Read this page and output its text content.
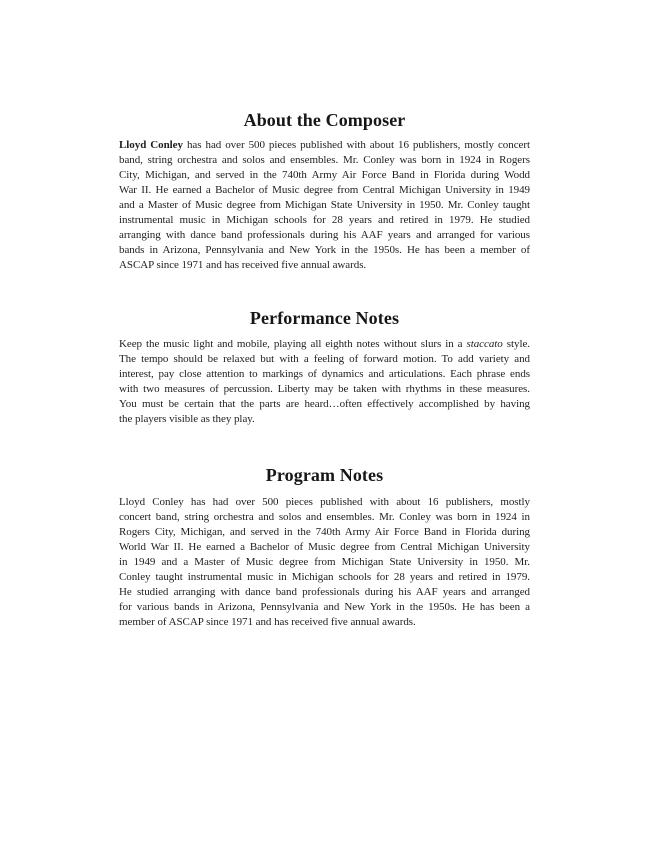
About the Composer
Lloyd Conley has had over 500 pieces published with about 16 publishers, mostly concert
band, string orchestra and solos and ensembles. Mr. Conley was born in 1924 in Rogers
City, Michigan, and served in the 740th Army Air Force Band in Florida during Wodd
War II. He earned a Bachelor of Music degree from Central Michigan University in 1949
and a Master of Music degree from Michigan State University in 1950. Mr. Conley taught
instrumental music in Michigan schools for 28 years and retired in 1979. He studied
arranging with dance band professionals during his AAF years and arranged for various
bands in Arizona, Pennsylvania and New York in the 1950s. He has been a member of
ASCAP since 1971 and has received five annual awards.
Performance Notes
Keep the music light and mobile, playing all eighth notes without slurs in a staccato style.
The tempo should be relaxed but with a feeling of forward motion. To add variety and
interest, pay close attention to markings of dynamics and articulations. Each phrase ends
with two measures of percussion. Liberty may be taken with rhythms in these measures.
You must be certain that the parts are heard…often effectively accomplished by having
the players visible as they play.
Program Notes
Lloyd Conley has had over 500 pieces published with about 16 publishers, mostly
concert band, string orchestra and solos and ensembles. Mr. Conley was born in 1924 in
Rogers City, Michigan, and served in the 740th Army Air Force Band in Florida during
World War II. He earned a Bachelor of Music degree from Central Michigan University
in 1949 and a Master of Music degree from Michigan State University in 1950. Mr.
Conley taught instrumental music in Michigan schools for 28 years and retired in 1979.
He studied arranging with dance band professionals during his AAF years and arranged
for various bands in Arizona, Pennsylvania and New York in the 1950s. He has been a
member of ASCAP since 1971 and has received five annual awards.
